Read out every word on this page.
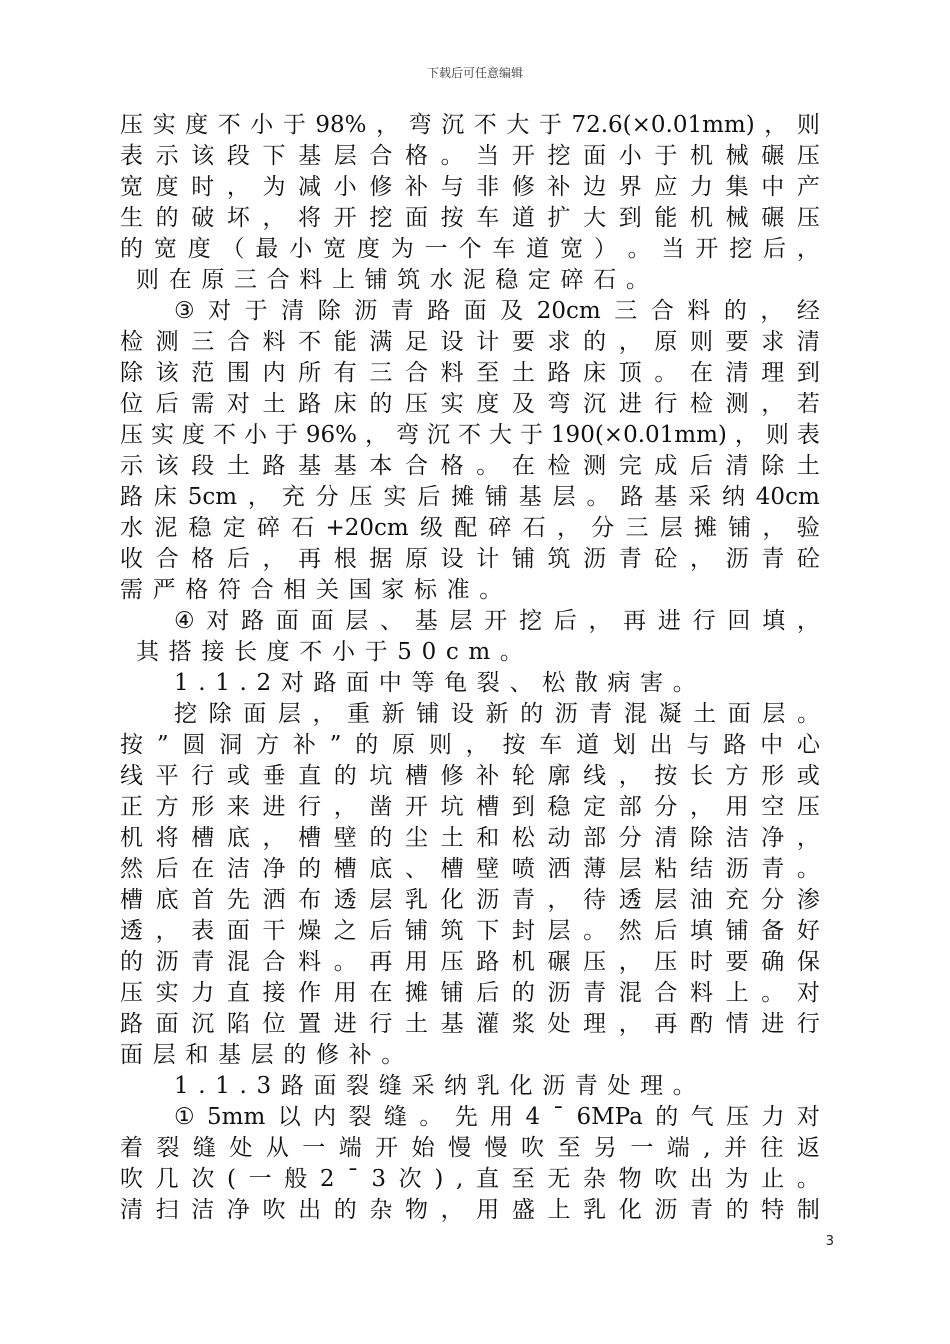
下载后可任意编辑
压 实 度 不 小 于 98% ， 弯 沉 不 大 于 72.6(×0.01mm) ， 则
表 示 该 段 下 基 层 合 格 。 当 开 挖 面 小 于 机 械 碾 压
宽 度 时 ， 为 减 小 修 补 与 非 修 补 边 界 应 力 集 中 产
生 的 破 坏 ， 将 开 挖 面 按 车 道 扩 大 到 能 机 械 碾 压
的 宽 度 （ 最 小 宽 度 为 一 个 车 道 宽 ） 。 当 开 挖 后 ，
则在原三合料上铺筑水泥稳定碎石。
③ 对 于 清 除 沥 青 路 面 及 20cm 三 合 料 的 ， 经
检 测 三 合 料 不 能 满 足 设 计 要 求 的 ， 原 则 要 求 清
除 该 范 围 内 所 有 三 合 料 至 土 路 床 顶 。 在 清 理 到
位 后 需 对 土 路 床 的 压 实 度 及 弯 沉 进 行 检 测 ， 若
压 实 度 不 小 于 96% ， 弯 沉 不 大 于 190(×0.01mm) ， 则 表
示 该 段 土 路 基 基 本 合 格 。 在 检 测 完 成 后 清 除 土
路 床 5cm ， 充 分 压 实 后 摊 铺 基 层 。 路 基 采 纳 40cm
水 泥 稳 定 碎 石 +20cm 级 配 碎 石 ， 分 三 层 摊 铺 ， 验
收 合 格 后 ， 再 根 据 原 设 计 铺 筑 沥 青 砼 ， 沥 青 砼
需严格符合相关国家标准。
④ 对 路 面 面 层 、 基 层 开 挖 后 ， 再 进 行 回 填 ，
其搭接长度不小于50cm。
1.1.2对路面中等龟裂、松散病害。
挖 除 面 层 ， 重 新 铺 设 新 的 沥 青 混 凝 土 面 层 。
按 ” 圆 洞 方 补 ” 的 原 则 ， 按 车 道 划 出 与 路 中 心
线 平 行 或 垂 直 的 坑 槽 修 补 轮 廓 线 ， 按 长 方 形 或
正 方 形 来 进 行 ， 凿 开 坑 槽 到 稳 定 部 分 ， 用 空 压
机 将 槽 底 ， 槽 壁 的 尘 土 和 松 动 部 分 清 除 洁 净 ，
然 后 在 洁 净 的 槽 底 、 槽 壁 喷 洒 薄 层 粘 结 沥 青 。
槽 底 首 先 洒 布 透 层 乳 化 沥 青 ， 待 透 层 油 充 分 渗
透 ， 表 面 干 燥 之 后 铺 筑 下 封 层 。 然 后 填 铺 备 好
的 沥 青 混 合 料 。 再 用 压 路 机 碾 压 ， 压 时 要 确 保
压 实 力 直 接 作 用 在 摊 铺 后 的 沥 青 混 合 料 上 。 对
路 面 沉 陷 位 置 进 行 土 基 灌 浆 处 理 ， 再 酌 情 进 行
面层和基层的修补。
1.1.3路面裂缝采纳乳化沥青处理。
① 5mm 以 内 裂 缝 。 先 用 4 ¯ 6MPa 的 气 压 力 对
着 裂 缝 处 从 一 端 开 始 慢 慢 吹 至 另 一 端 , 并 往 返
吹 几 次 ( 一 般 2 ¯ 3 次 ) , 直 至 无 杂 物 吹 出 为 止 。
清 扫 洁 净 吹 出 的 杂 物 ， 用 盛 上 乳 化 沥 青 的 特 制
3
